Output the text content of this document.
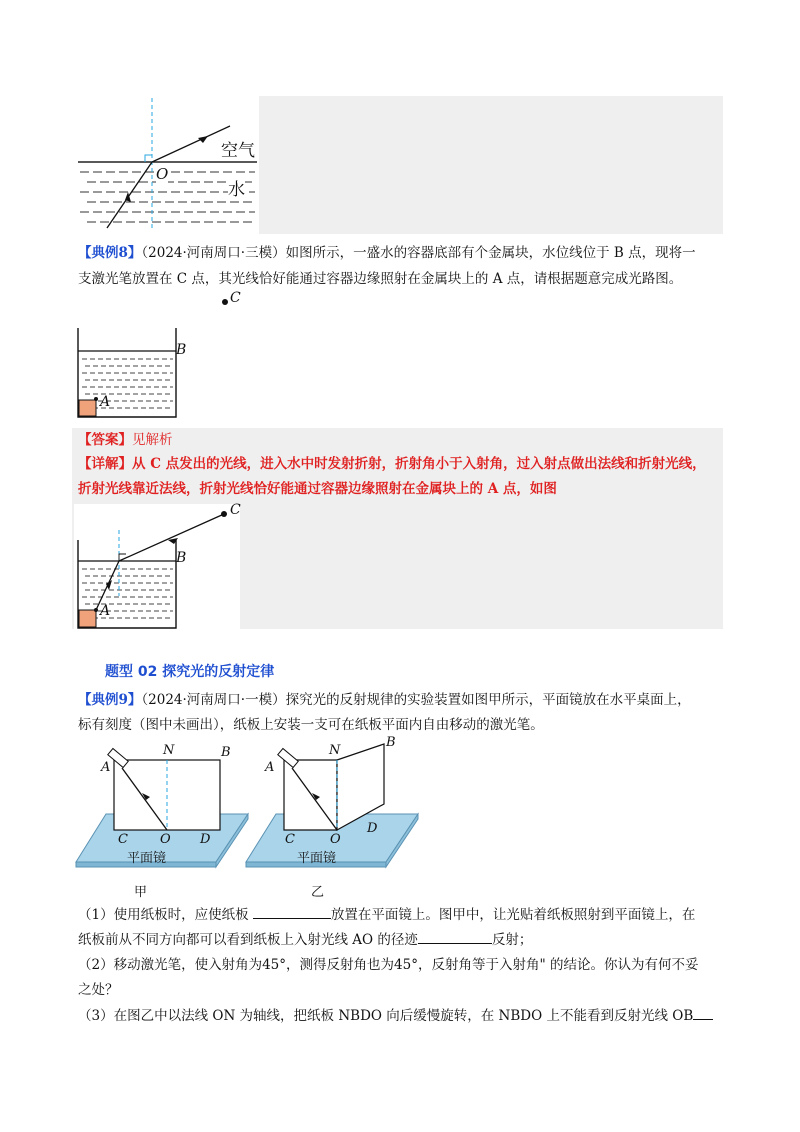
空气
水
O
【典例8】（2024·河南周口·三模）如图所示，一盛水的容器底部有个金属块，水位线位于 B 点，现将一
支激光笔放置在 C 点，其光线恰好能通过容器边缘照射在金属块上的 A 点，请根据题意完成光路图。
C
B
A
【答案】见解析
【详解】从 C 点发出的光线，进入水中时发射折射，折射角小于入射角，过入射点做出法线和折射光线，
折射光线靠近法线，折射光线恰好能通过容器边缘照射在金属块上的 A 点，如图
C
B
A
题型 02 探究光的反射定律
【典例9】（2024·河南周口·一模）探究光的反射规律的实验装置如图甲所示，平面镜放在水平桌面上，
标有刻度（图中未画出），纸板上安装一支可在纸板平面内自由移动的激光笔。
A
N	B
C O D
平面镜
甲
A
N
B
C	O
D
平面镜
乙
（1）使用纸板时，应使纸板	放置在平面镜上。图甲中，让光贴着纸板照射到平面镜上，在
纸板前从不同方向都可以看到纸板上入射光线 AO 的径迹	反射；
（2）移动激光笔，使入射角为45°，测得反射角也为45°，反射角等于入射角" 的结论。你认为有何不妥
之处？
（3）在图乙中以法线 ON 为轴线，把纸板 NBDO 向后缓慢旋转，在 NBDO 上不能看到反射光线 OB
